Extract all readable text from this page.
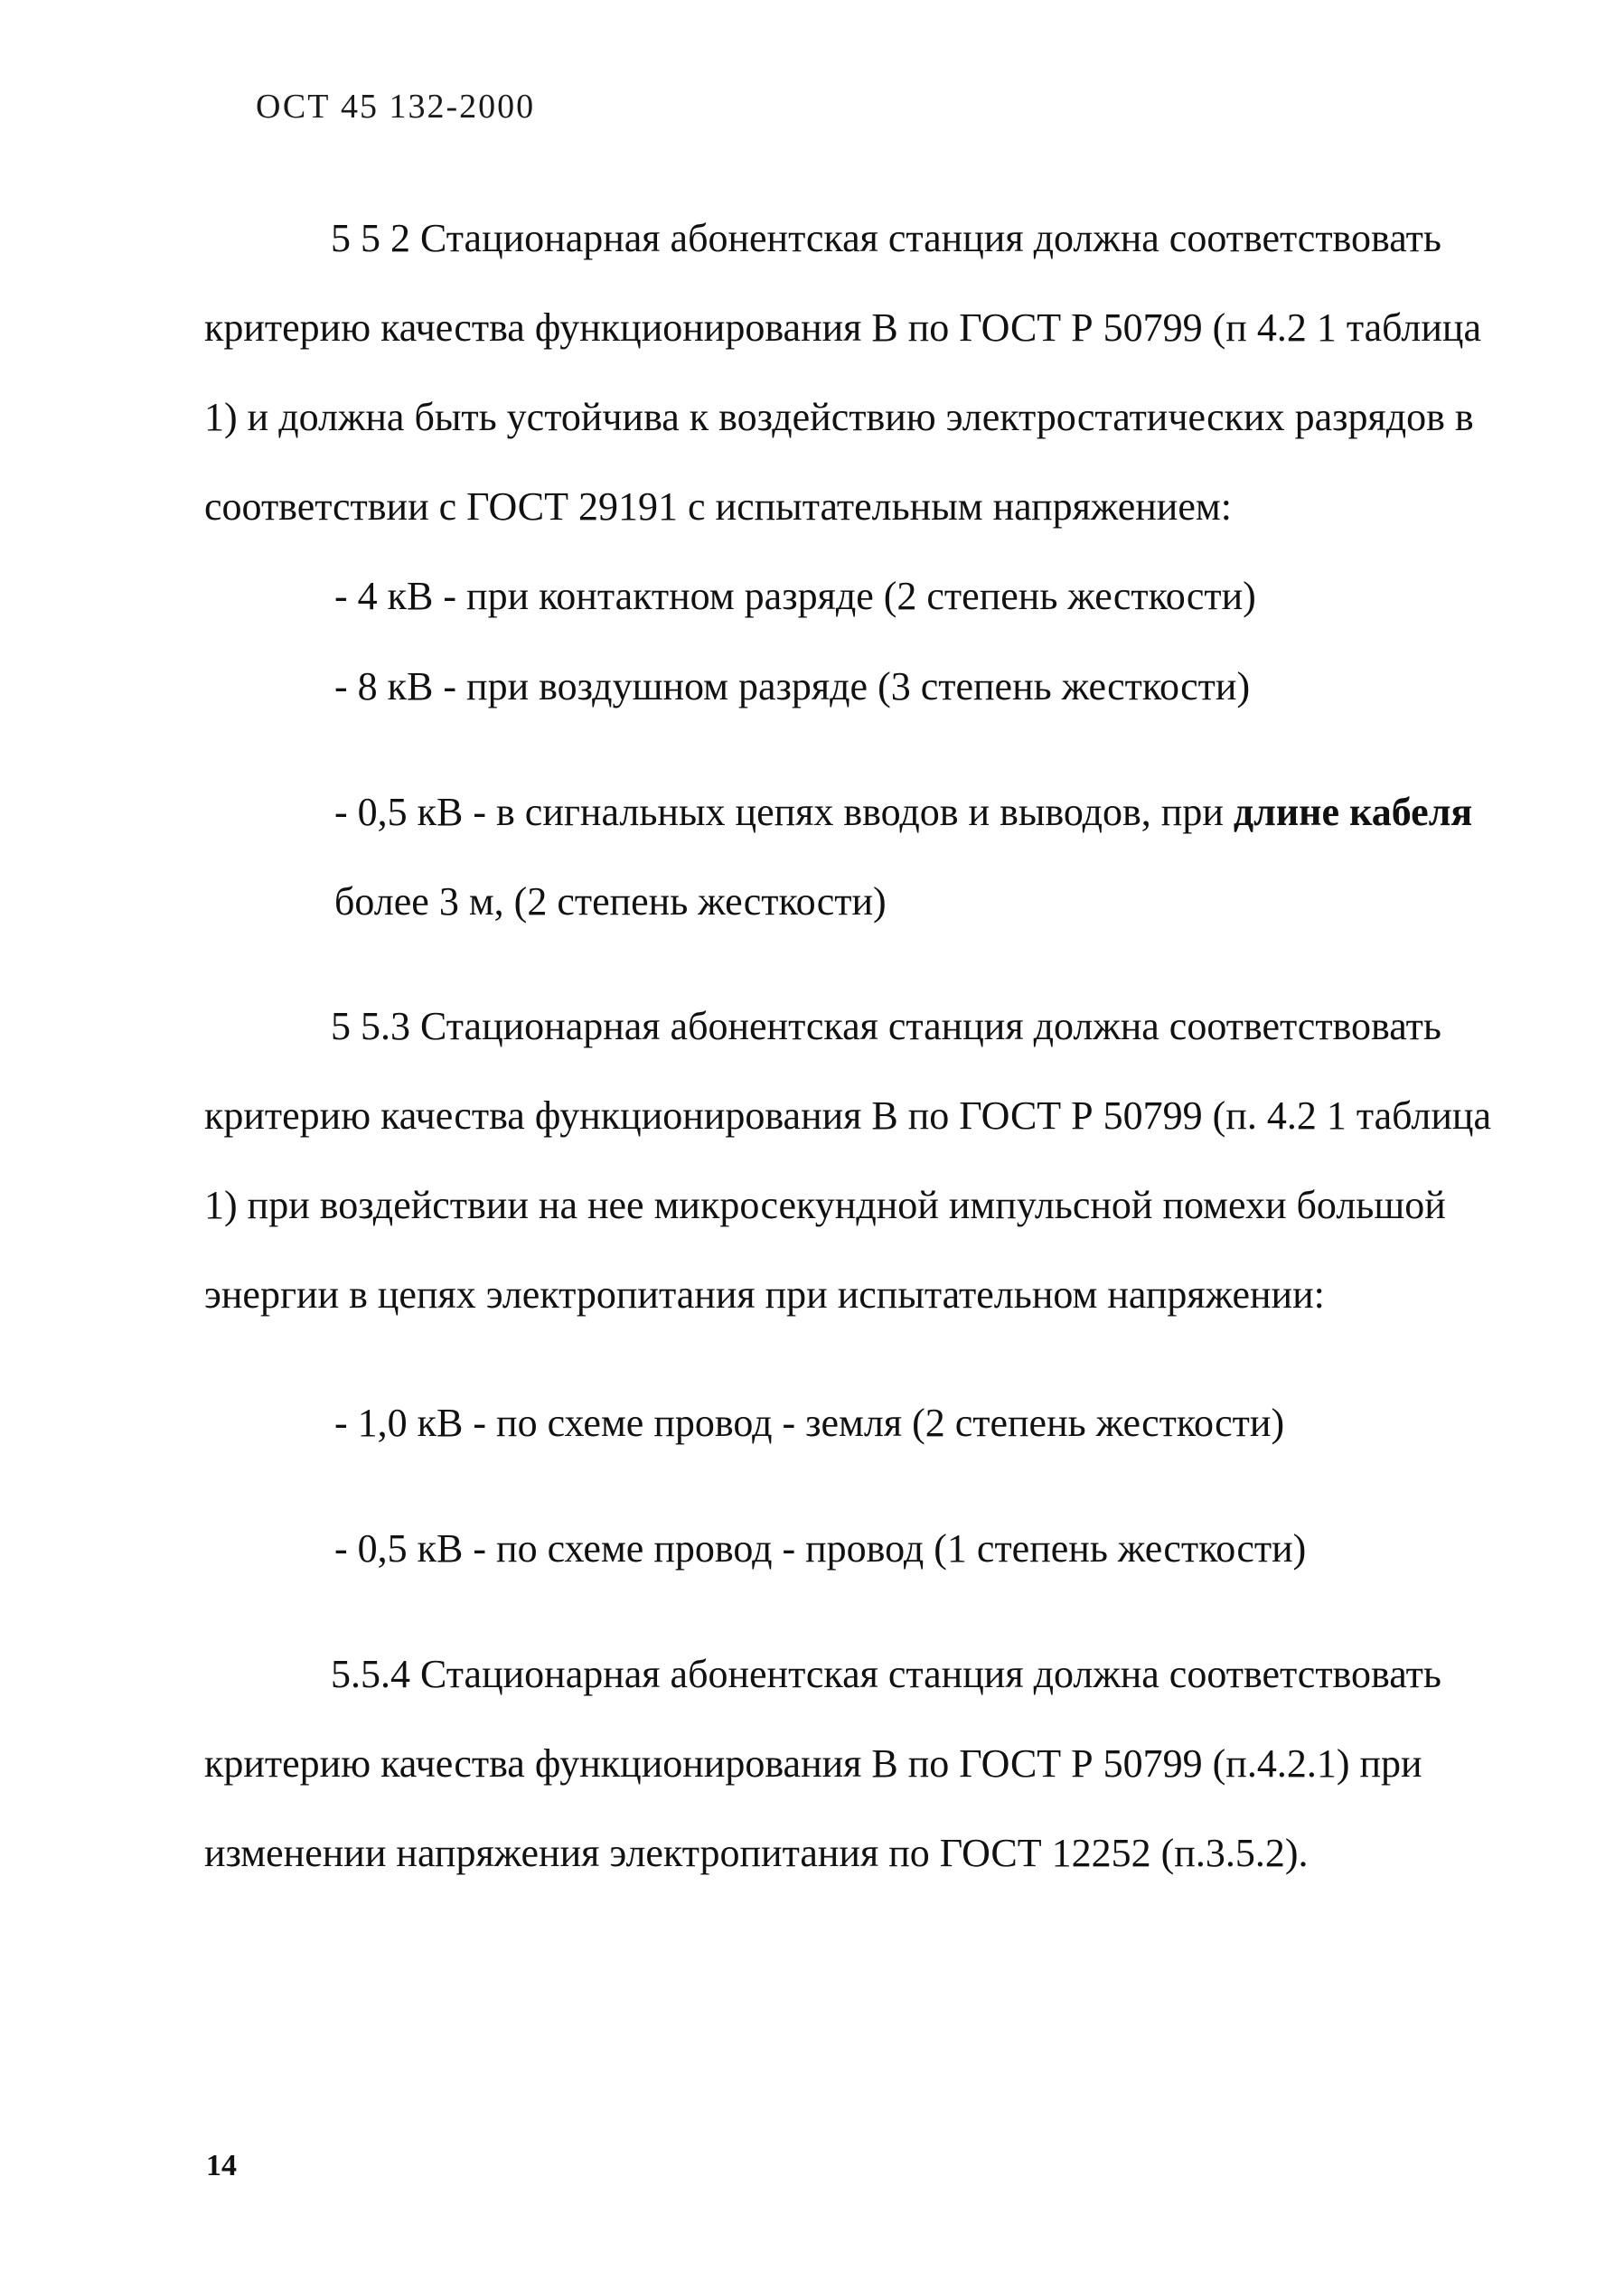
ОСТ 45 132-2000
5 5 2 Стационарная абонентская станция должна соответствовать
критерию качества функционирования В по ГОСТ Р 50799 (п 4.2 1 таблица
1) и должна быть устойчива к воздействию электростатических разрядов в
соответствии с ГОСТ 29191 с испытательным напряжением:
- 4 кВ - при контактном разряде (2 степень жесткости)
- 8 кВ - при воздушном разряде (3 степень жесткости)
- 0,5 кВ - в сигнальных цепях вводов и выводов, при длине кабеля
более 3 м, (2 степень жесткости)
5 5.3 Стационарная абонентская станция должна соответствовать
критерию качества функционирования В по ГОСТ Р 50799 (п. 4.2 1 таблица
1) при воздействии на нее микросекундной импульсной помехи большой
энергии в цепях электропитания при испытательном напряжении:
- 1,0 кВ - по схеме провод - земля (2 степень жесткости)
- 0,5 кВ - по схеме провод - провод (1 степень жесткости)
5.5.4 Стационарная абонентская станция должна соответствовать
критерию качества функционирования В по ГОСТ Р 50799 (п.4.2.1) при
изменении напряжения электропитания по ГОСТ 12252 (п.3.5.2).
14
